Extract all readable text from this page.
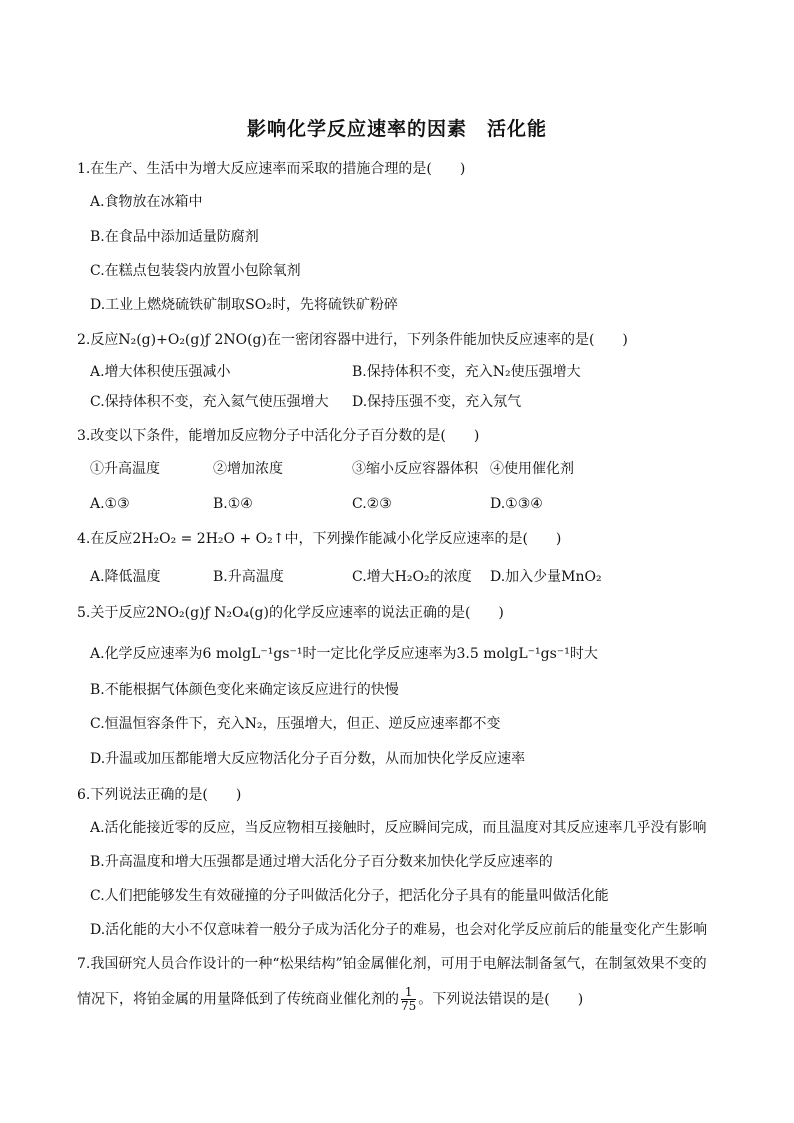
影响化学反应速率的因素　活化能
1.在生产、生活中为增大反应速率而采取的措施合理的是(　　)
A.食物放在冰箱中
B.在食品中添加适量防腐剂
C.在糕点包装袋内放置小包除氧剂
D.工业上燃烧硫铁矿制取SO₂时，先将硫铁矿粉碎
2.反应N₂(g)+O₂(g)ƒ 2NO(g)在一密闭容器中进行，下列条件能加快反应速率的是(　　)
A.增大体积使压强减小	B.保持体积不变，充入N₂使压强增大
C.保持体积不变，充入氦气使压强增大 D.保持压强不变，充入氖气
3.改变以下条件，能增加反应物分子中活化分子百分数的是(　　)
①升高温度	②增加浓度	③缩小反应容器体积 ④使用催化剂
A.①③	B.①④	C.②③	D.①③④
4.在反应2H₂O₂ = 2H₂O + O₂↑中，下列操作能减小化学反应速率的是(　　)
A.降低温度	B.升高温度	C.增大H₂O₂的浓度 D.加入少量MnO₂
5.关于反应2NO₂(g)ƒ N₂O₄(g)的化学反应速率的说法正确的是(　　)
A.化学反应速率为6 molgL⁻¹gs⁻¹时一定比化学反应速率为3.5 molgL⁻¹gs⁻¹时大
B.不能根据气体颜色变化来确定该反应进行的快慢
C.恒温恒容条件下，充入N₂，压强增大，但正、逆反应速率都不变
D.升温或加压都能增大反应物活化分子百分数，从而加快化学反应速率
6.下列说法正确的是(　　)
A.活化能接近零的反应，当反应物相互接触时，反应瞬间完成，而且温度对其反应速率几乎没有影响
B.升高温度和增大压强都是通过增大活化分子百分数来加快化学反应速率的
C.人们把能够发生有效碰撞的分子叫做活化分子，把活化分子具有的能量叫做活化能
D.活化能的大小不仅意味着一般分子成为活化分子的难易，也会对化学反应前后的能量变化产生影响
7.我国研究人员合作设计的一种“松果结构”铂金属催化剂，可用于电解法制备氢气，在制氢效果不变的
情况下，将铂金属的用量降低到了传统商业催化剂的 $\frac{1}{75}$ 。下列说法错误的是(　　)
